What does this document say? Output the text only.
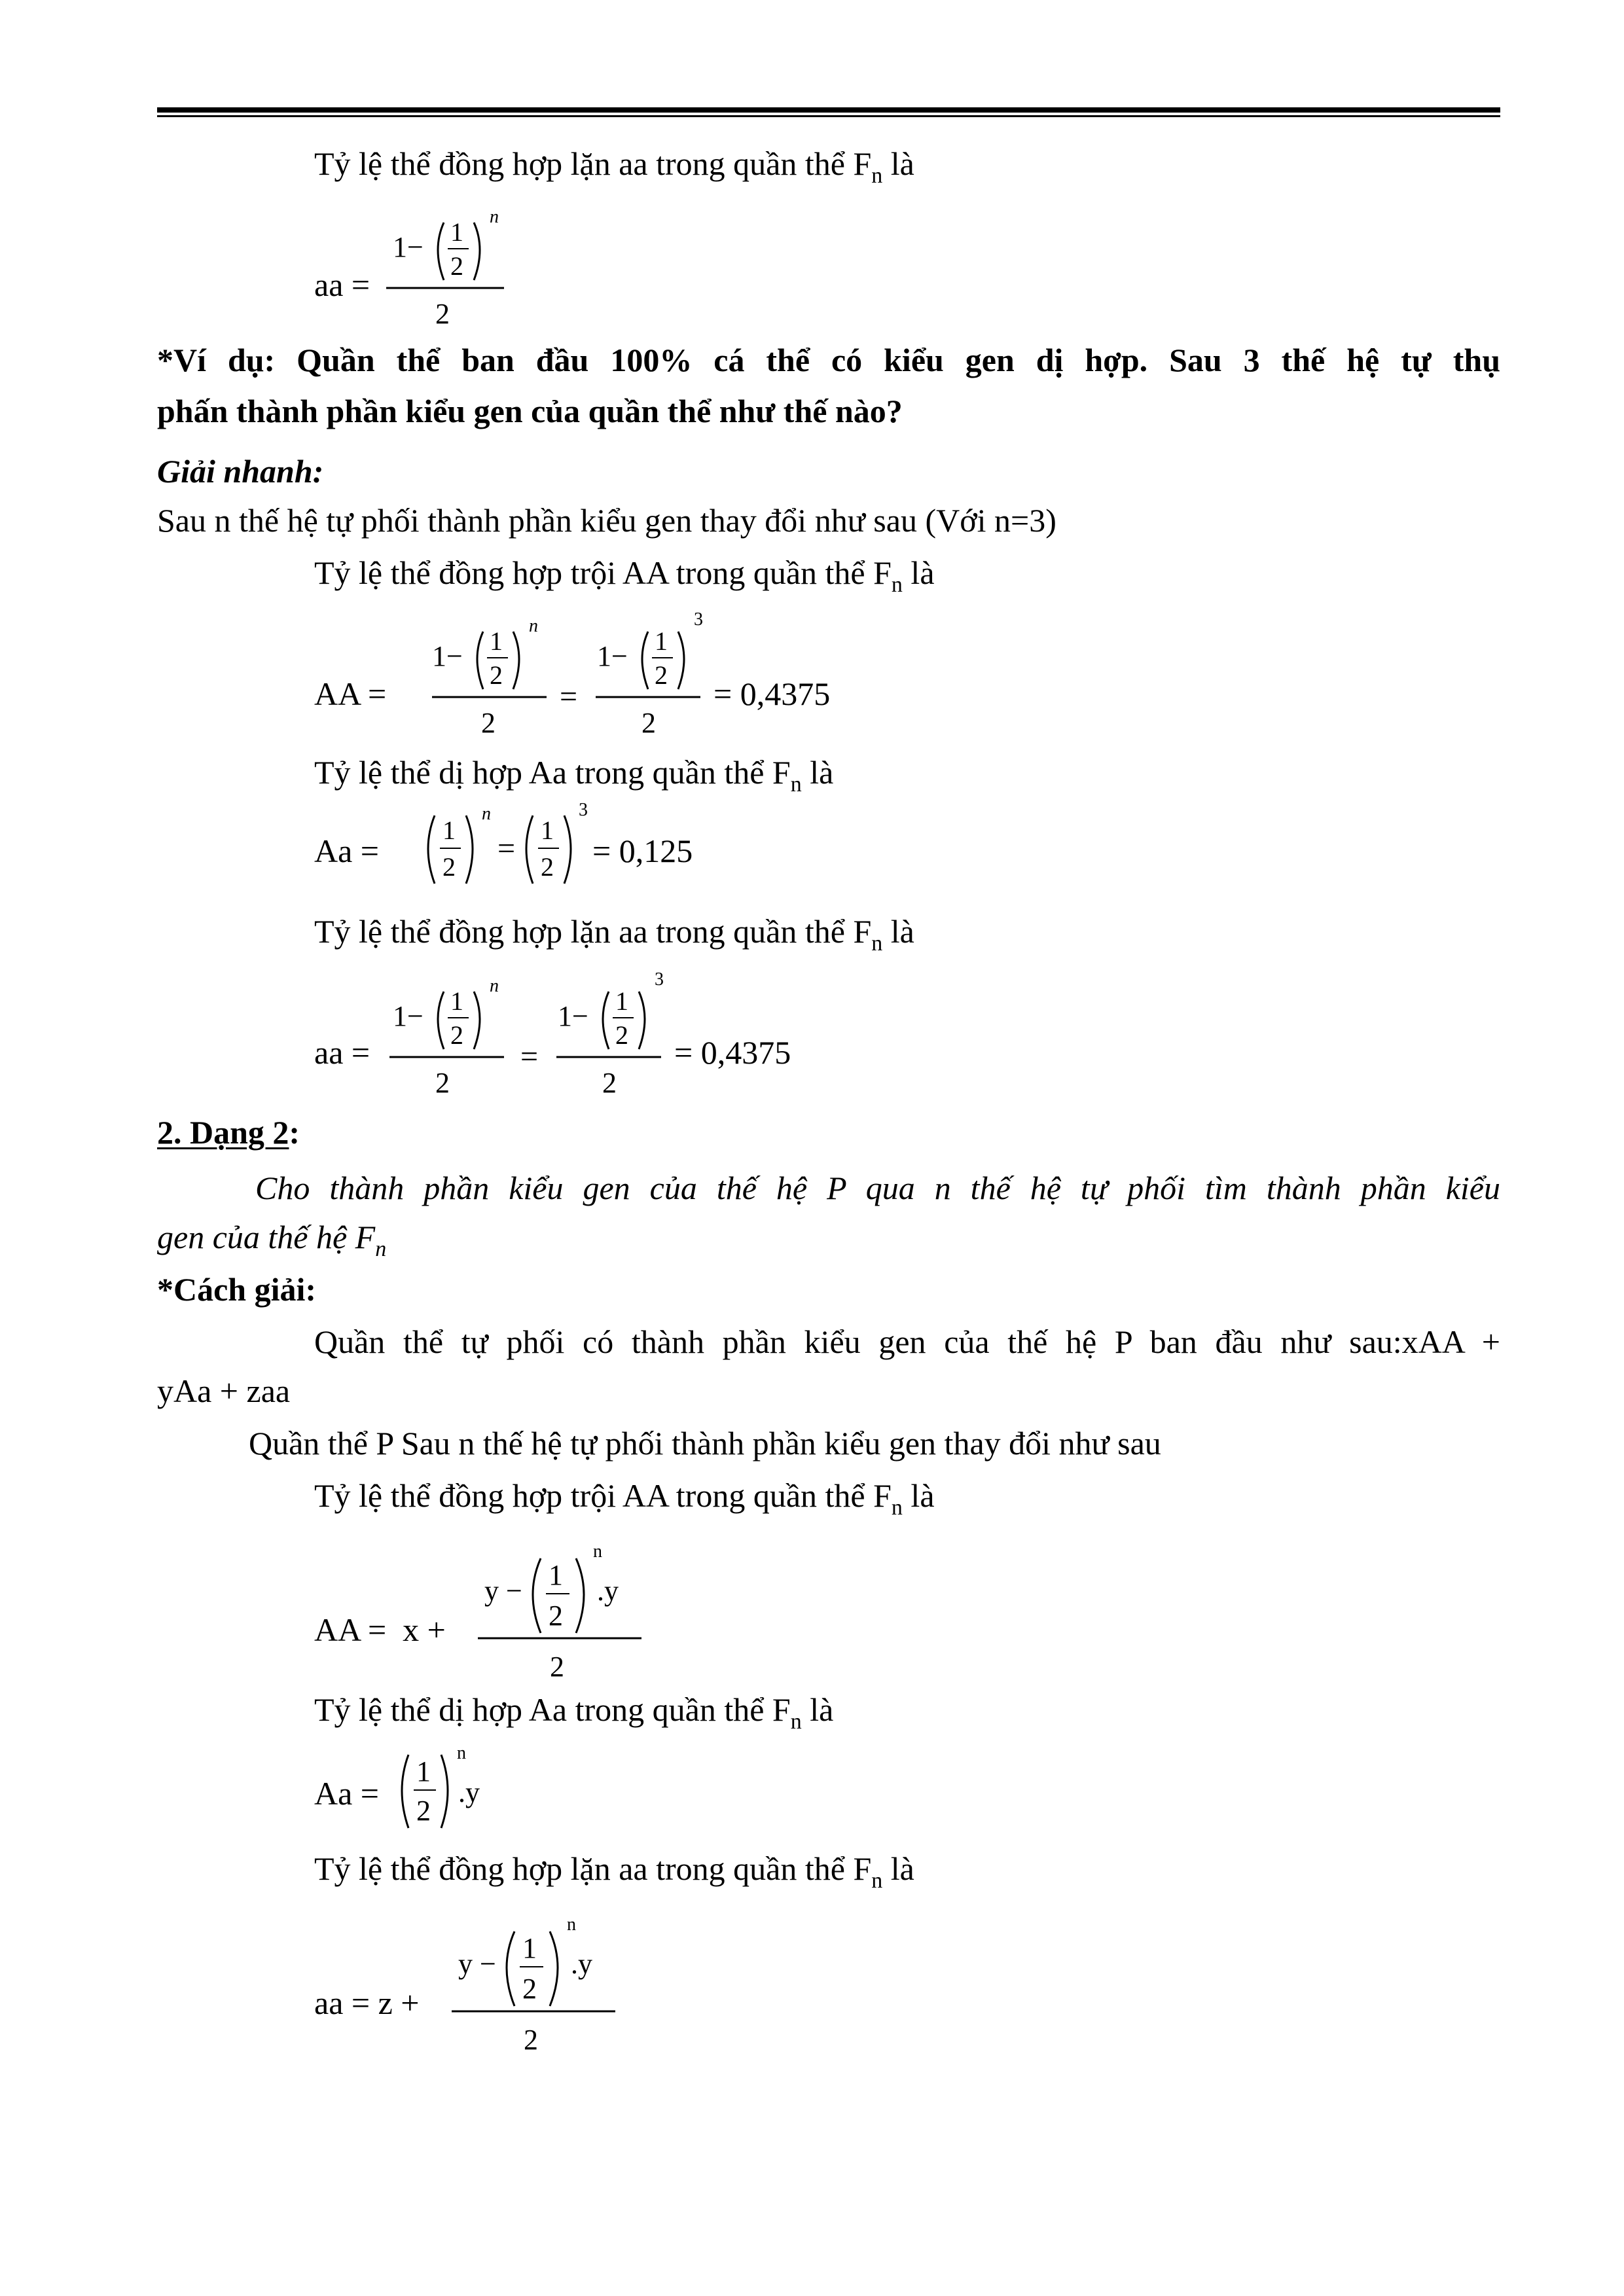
Tỷ lệ thể đồng hợp lặn aa trong quần thể $F_n$ là
aa =
1− 1
2
n
2
*Ví dụ: Quần thể ban đầu 100% cá thể có kiểu gen dị hợp. Sau 3 thế hệ tự thụ
phấn thành phần kiểu gen của quần thể như thế nào?
Giải nhanh:
Sau n thế hệ tự phối thành phần kiểu gen thay đổi như sau (Với n=3)
Tỷ lệ thể đồng hợp trội AA trong quần thể $F_n$ là
AA =
1− 1
2
n
2
=
1− 1
2
3
2
= 0,4375
Tỷ lệ thể dị hợp Aa trong quần thể $F_n$ là
Aa =
1
2
n
=
1
2
3
= 0,125
Tỷ lệ thể đồng hợp lặn aa trong quần thể $F_n$ là
aa =
1− 1
2
n
2
=
1− 1
2
3
2
= 0,4375
2. Dạng 2:
Cho thành phần kiểu gen của thế hệ P qua n thế hệ tự phối tìm thành phần kiểu
gen của thế hệ $F_n$
*Cách giải:
Quần thể tự phối có thành phần kiểu gen của thế hệ P ban đầu như sau:xAA +
yAa + zaa
Quần thể P Sau n thế hệ tự phối thành phần kiểu gen thay đổi như sau
Tỷ lệ thể đồng hợp trội AA trong quần thể $F_n$ là
AA = x +
y − 1
2
n
.y
2
Tỷ lệ thể dị hợp Aa trong quần thể $F_n$ là
Aa =
1
2
n
.y
Tỷ lệ thể đồng hợp lặn aa trong quần thể $F_n$ là
aa = z +
y − 1
2
n
.y
2
